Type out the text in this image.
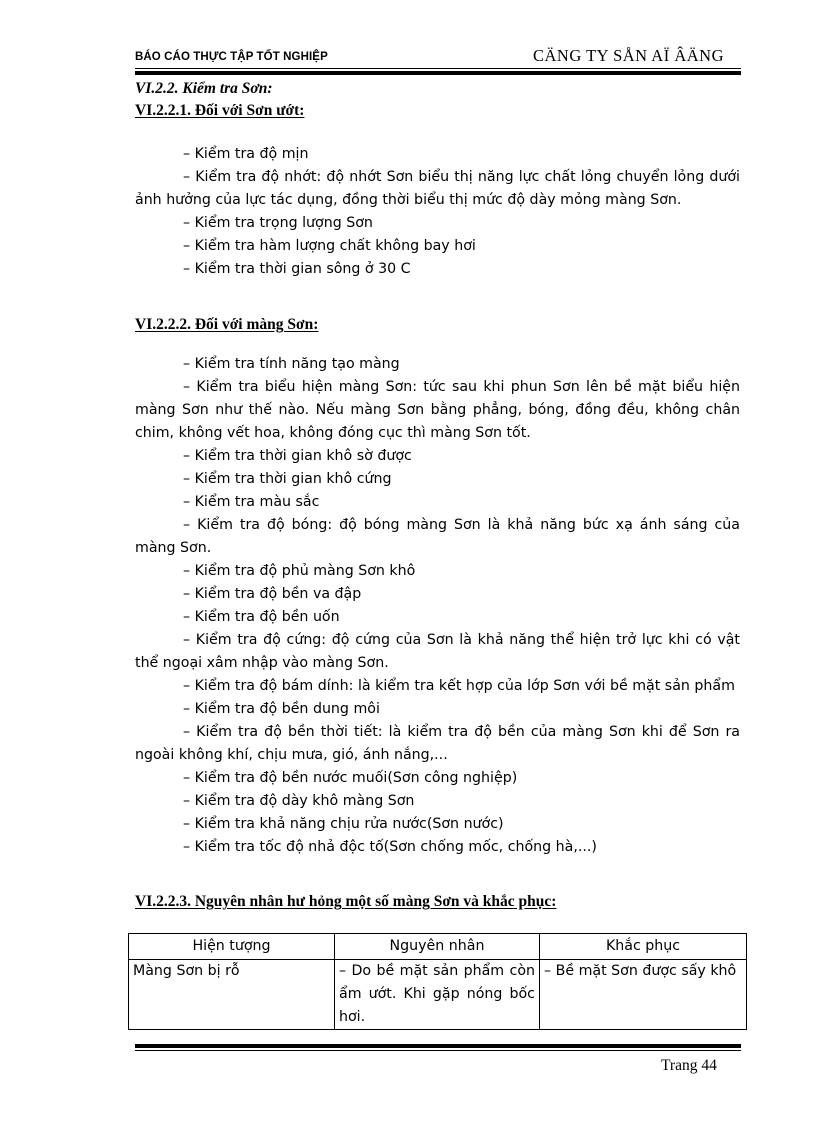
BÁO CÁO THỰC TẬP TỐT NGHIỆP	CÄNG TY SÅN AÏ ÂÄNG
VI.2.2. Kiểm tra Sơn:
VI.2.2.1. Đối với Sơn ướt:

– Kiểm tra độ mịn

– Kiểm tra độ nhớt: độ nhớt Sơn biểu thị năng lực chất lỏng chuyển lỏng dưới ảnh hưởng của lực tác dụng, đồng thời biểu thị mức độ dày mỏng màng Sơn.

– Kiểm tra trọng lượng Sơn

– Kiểm tra hàm lượng chất không bay hơi

– Kiểm tra thời gian sông ở 30 C

VI.2.2.2. Đối với màng Sơn:

– Kiểm tra tính năng tạo màng

– Kiểm tra biểu hiện màng Sơn: tức sau khi phun Sơn lên bề mặt biểu hiện màng Sơn như thế nào. Nếu màng Sơn bằng phẳng, bóng, đồng đều, không chân chim, không vết hoa, không đóng cục thì màng Sơn tốt.

– Kiểm tra thời gian khô sờ được

– Kiểm tra thời gian khô cứng

– Kiểm tra màu sắc

– Kiểm tra độ bóng: độ bóng màng Sơn là khả năng bức xạ ánh sáng của màng Sơn.

– Kiểm tra độ phủ màng Sơn khô

– Kiểm tra độ bền va đập

– Kiểm tra độ bền uốn

– Kiểm tra độ cứng: độ cứng của Sơn là khả năng thể hiện trở lực khi có vật thể ngoại xâm nhập vào màng Sơn.

– Kiểm tra độ bám dính: là kiểm tra kết hợp của lớp Sơn với bề mặt sản phẩm

– Kiểm tra độ bền dung môi

– Kiểm tra độ bền thời tiết: là kiểm tra độ bền của màng Sơn khi để Sơn ra ngoài không khí, chịu mưa, gió, ánh nắng,...

– Kiểm tra độ bền nước muối(Sơn công nghiệp)

– Kiểm tra độ dày khô màng Sơn

– Kiểm tra khả năng chịu rửa nước(Sơn nước)

– Kiểm tra tốc độ nhả độc tố(Sơn chống mốc, chống hà,...)

VI.2.2.3. Nguyên nhân hư hỏng một số màng Sơn và khắc phục:
Hiện tượng	Nguyên nhân	Khắc phục
Màng Sơn bị rỗ	– Do bề mặt sản phẩm còn ẩm ướt. Khi gặp nóng bốc hơi.	– Bề mặt Sơn được sấy khô
Trang 44
